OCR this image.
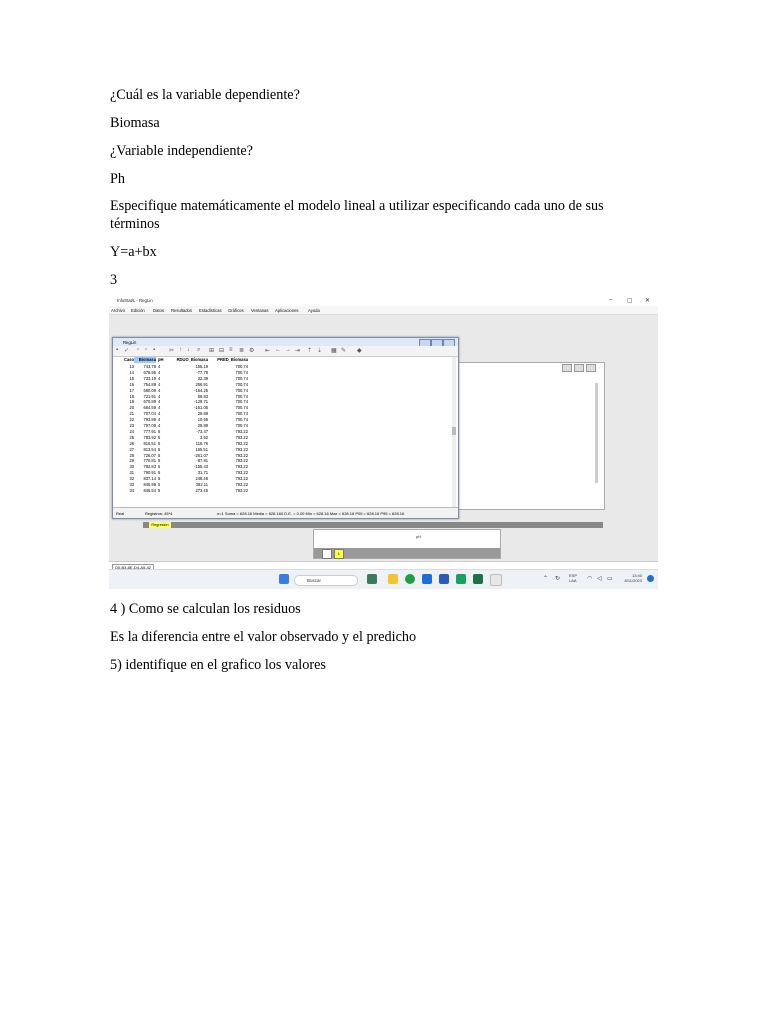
¿Cuál es la variable dependiente?
Biomasa
¿Variable independiente?
Ph
Especifique matemáticamente el modelo lineal a utilizar especificando cada uno de sus términos
Y=a+bx
3
InfoStat/L - RegLin	– ▢ ✕
Archivo Edición Datos Resultados Estadísticas Gráficos Ventanas Aplicaciones Ayuda
Regresión
pH
L
RegLin
▪ ✓ ▫ ▫ ▪ ✂ ↑ ↓ ⌕ ⊞ ⊟ ≡ ≣ ⚙ ⇤ ← → ⇥ ⇡ ⇣ ▦ ✎ ◆
Caso	Biomasa pH	RDUO_Biomasa	PRED_Biomasa
13	743.78 4	155.19	700.74
14	678.95 4	-77.78	700.74
15	733.19 4	32.39	700.74
16	754.89 4	256.91	700.74
17	680.09 4	-164.25	700.74
18	721.91 4	69.83	700.74
19	670.89 4	-129.71	700.74
20	664.59 4	-161.05	700.74
21	707.04 4	29.89	700.74
22	793.89 4	10.65	700.74
23	797.09 4	29.89	700.74
24	777.91 5	-73.47	793.22
25	783.92 5	3.52	793.22
26	816.51 5	118.76	793.22
27	813.54 5	165.51	793.22
28	726.07 5	-261.07	793.22
29	770.81 5	-87.81	793.22
30	782.83 5	-155.43	793.22
31	790.91 5	31.71	793.22
32	837.14 5	248.48	793.22
33	845.99 5	382.11	793.22
34	845.54 5	273.45	793.22
Real	Registros: 45*4	n=1 Suma = 628.16 Media = 628.160 D.E. = 0.00 Min = 628.16 Max = 628.16 P05 = 628.16 P95 = 628.16
D0-B3-8E-D4-A5-42
Buscar	⌃ ↻
ESP
LAA ◠ ◁ ▭
13:40
8/11/2023
4 ) Como se calculan los residuos
Es la diferencia entre el valor observado y el predicho
5) identifique en el grafico los valores
